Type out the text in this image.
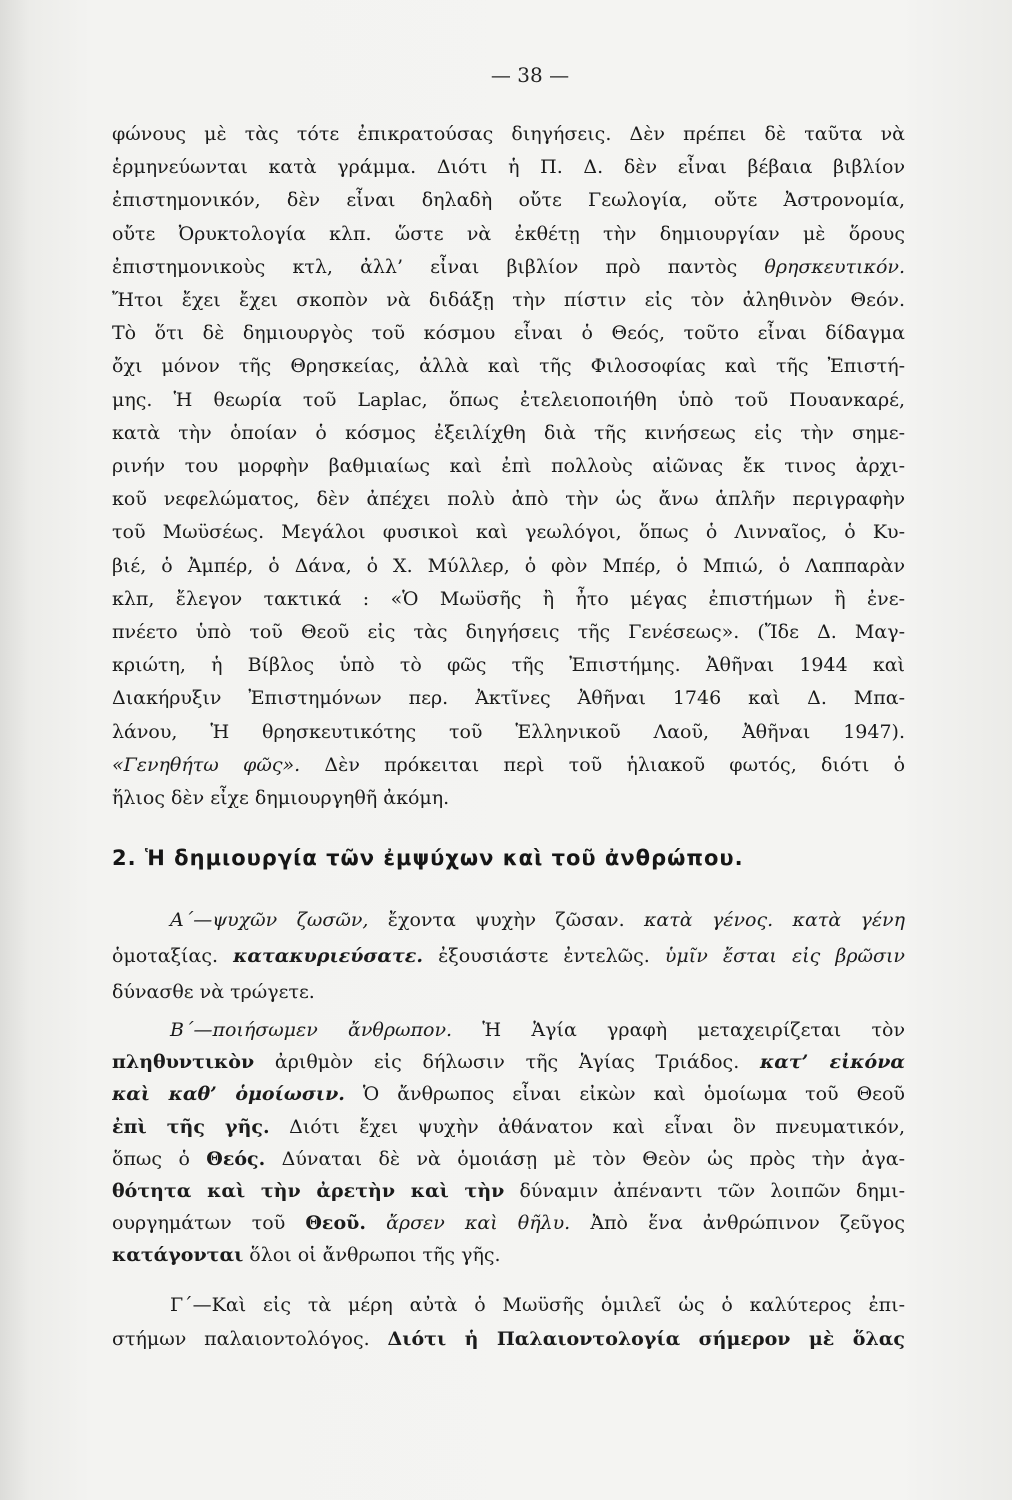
— 38 —
φώνους μὲ τὰς τότε ἐπικρατούσας διηγήσεις. Δὲν πρέπει δὲ ταῦτα νὰ
ἑρμηνεύωνται κατὰ γράμμα. Διότι ἡ Π. Δ. δὲν εἶναι βέβαια βιβλίον
ἐπιστημονικόν, δὲν εἶναι δηλαδὴ οὔτε Γεωλογία, οὔτε Ἀστρονομία,
οὔτε Ὀρυκτολογία κλπ. ὥστε νὰ ἐκθέτῃ τὴν δημιουργίαν μὲ ὅρους
ἐπιστημονικοὺς κτλ, ἀλλ’ εἶναι βιβλίον πρὸ παντὸς θρησκευτικόν.
Ἤτοι ἔχει ἔχει σκοπὸν νὰ διδάξῃ τὴν πίστιν εἰς τὸν ἀληθινὸν Θεόν.
Τὸ ὅτι δὲ δημιουργὸς τοῦ κόσμου εἶναι ὁ Θεός, τοῦτο εἶναι δίδαγμα
ὄχι μόνον τῆς Θρησκείας, ἀλλὰ καὶ τῆς Φιλοσοφίας καὶ τῆς Ἐπιστή-
μης. Ἡ θεωρία τοῦ Laplac, ὅπως ἐτελειοποιήθη ὑπὸ τοῦ Πουανκαρέ,
κατὰ τὴν ὁποίαν ὁ κόσμος ἐξειλίχθη διὰ τῆς κινήσεως εἰς τὴν σημε-
ρινήν του μορφὴν βαθμιαίως καὶ ἐπὶ πολλοὺς αἰῶνας ἔκ τινος ἀρχι-
κοῦ νεφελώματος, δὲν ἀπέχει πολὺ ἀπὸ τὴν ὡς ἄνω ἁπλῆν περιγραφὴν
τοῦ Μωϋσέως. Μεγάλοι φυσικοὶ καὶ γεωλόγοι, ὅπως ὁ Λινναῖος, ὁ Κυ-
βιέ, ὁ Ἀμπέρ, ὁ Δάνα, ὁ Χ. Μύλλερ, ὁ φὸν Μπέρ, ὁ Μπιώ, ὁ Λαππαρὰν
κλπ, ἔλεγον τακτικά : «Ὁ Μωϋσῆς ἢ ἦτο μέγας ἐπιστήμων ἢ ἐνε-
πνέετο ὑπὸ τοῦ Θεοῦ εἰς τὰς διηγήσεις τῆς Γενέσεως». (Ἴδε Δ. Μαγ-
κριώτη, ἡ Βίβλος ὑπὸ τὸ φῶς τῆς Ἐπιστήμης. Ἀθῆναι 1944 καὶ
Διακήρυξιν Ἐπιστημόνων περ. Ἀκτῖνες Ἀθῆναι 1746 καὶ Δ. Μπα-
λάνου, Ἡ θρησκευτικότης τοῦ Ἑλληνικοῦ Λαοῦ, Ἀθῆναι 1947).
«Γενηθήτω φῶς». Δὲν πρόκειται περὶ τοῦ ἡλιακοῦ φωτός, διότι ὁ
ἥλιος δὲν εἶχε δημιουργηθῆ ἀκόμη.
2. Ἡ δημιουργία τῶν ἐμψύχων καὶ τοῦ ἀνθρώπου.
Α΄—ψυχῶν ζωσῶν, ἔχοντα ψυχὴν ζῶσαν. κατὰ γένος. κατὰ γένη
ὁμοταξίας. κατακυριεύσατε. ἐξουσιάστε ἐντελῶς. ὑμῖν ἔσται εἰς βρῶσιν
δύνασθε νὰ τρώγετε.
Β΄—ποιήσωμεν ἄνθρωπον. Ἡ Ἁγία γραφὴ μεταχειρίζεται τὸν
πληθυντικὸν ἀριθμὸν εἰς δήλωσιν τῆς Ἁγίας Τριάδος. κατ’ εἰκόνα
καὶ καθ’ ὁμοίωσιν. Ὁ ἄνθρωπος εἶναι εἰκὼν καὶ ὁμοίωμα τοῦ Θεοῦ
ἐπὶ τῆς γῆς. Διότι ἔχει ψυχὴν ἀθάνατον καὶ εἶναι ὂν πνευματικόν,
ὅπως ὁ Θεός. Δύναται δὲ νὰ ὁμοιάσῃ μὲ τὸν Θεὸν ὡς πρὸς τὴν ἀγα-
θότητα καὶ τὴν ἀρετὴν καὶ τὴν δύναμιν ἀπέναντι τῶν λοιπῶν δημι-
ουργημάτων τοῦ Θεοῦ. ἄρσεν καὶ θῆλυ. Ἀπὸ ἕνα ἀνθρώπινον ζεῦγος
κατάγονται ὅλοι οἱ ἄνθρωποι τῆς γῆς.
Γ΄—Καὶ εἰς τὰ μέρη αὐτὰ ὁ Μωϋσῆς ὁμιλεῖ ὡς ὁ καλύτερος ἐπι-
στήμων παλαιοντολόγος. Διότι ἡ Παλαιοντολογία σήμερον μὲ ὅλας
